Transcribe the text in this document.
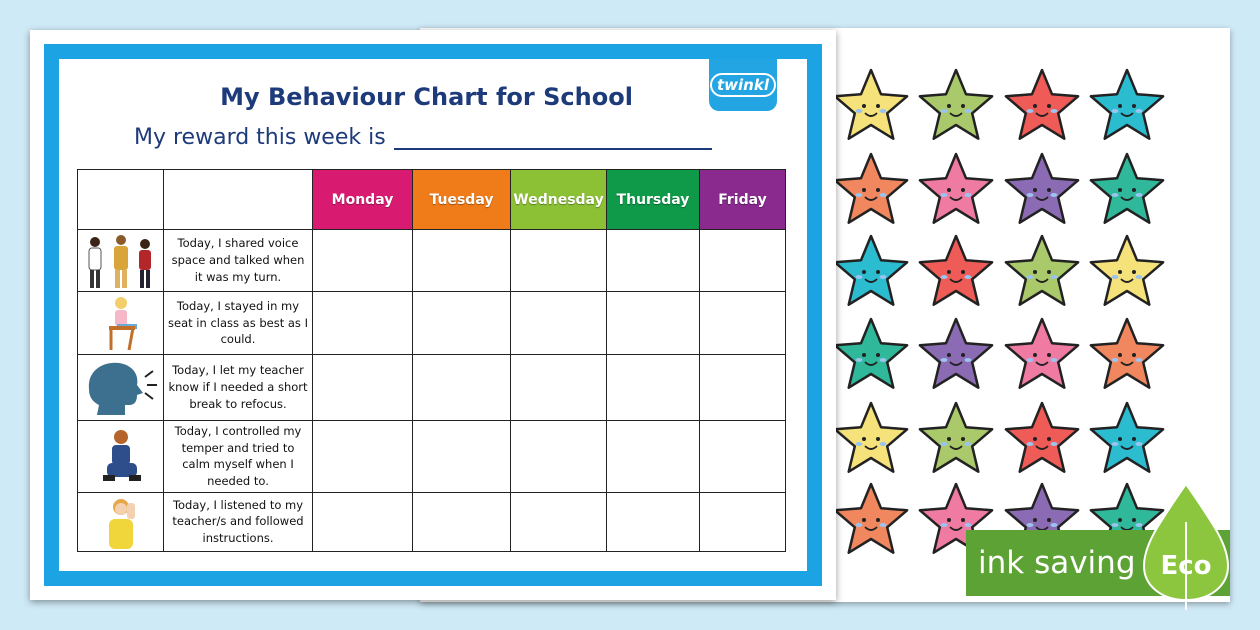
twinkl
My Behaviour Chart for School
My reward this week is
		Monday	Tuesday	Wednesday	Thursday	Friday

	Today, I shared voice space and talked when it was my turn.					

	Today, I stayed in my seat in class as best as I could.					

	Today, I let my teacher know if I needed a short break to refocus.					

	Today, I controlled my temper and tried to calm myself when I needed to.					

	Today, I listened to my teacher/s and followed instructions.					
ink saving Eco
